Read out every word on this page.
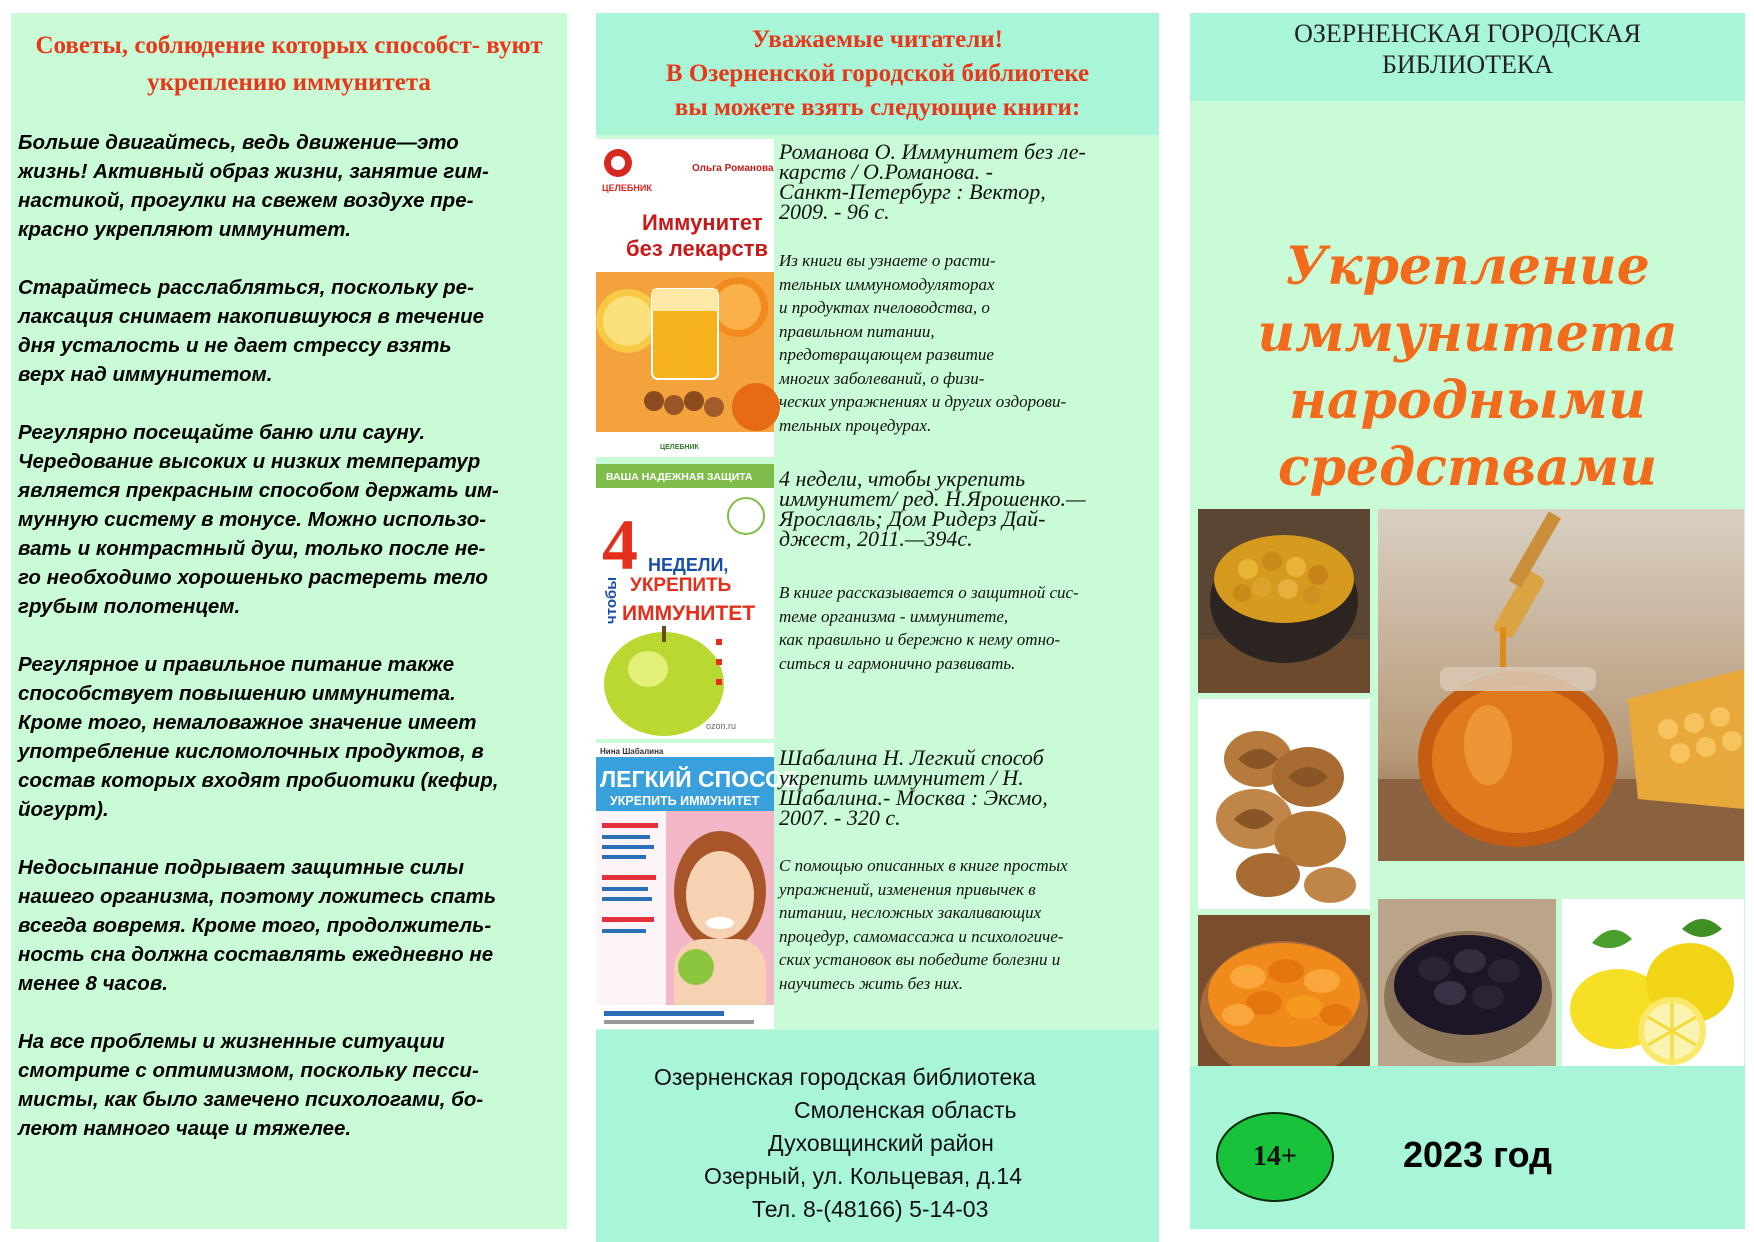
Советы, соблюдение которых способст- вуют укреплению иммунитета

Больше двигайтесь, ведь движение—это
жизнь! Активный образ жизни, занятие гим-
настикой, прогулки на свежем воздухе пре-
красно укрепляют иммунитет.

Старайтесь расслабляться, поскольку ре-
лаксация снимает накопившуюся в течение
дня усталость и не дает стрессу взять
верх над иммунитетом.

Регулярно посещайте баню или сауну.
Чередование высоких и низких температур
является прекрасным способом держать им-
мунную систему в тонусе. Можно использо-
вать и контрастный душ, только после не-
го необходимо хорошенько растереть тело
грубым полотенцем.

Регулярное и правильное питание также
способствует повышению иммунитета.
Кроме того, немаловажное значение имеет
употребление кисломолочных продуктов, в
состав которых входят пробиотики (кефир,
йогурт).

Недосыпание подрывает защитные силы
нашего организма, поэтому ложитесь спать
всегда вовремя. Кроме того, продолжитель-
ность сна должна составлять ежедневно не
менее 8 часов.

На все проблемы и жизненные ситуации
смотрите с оптимизмом, поскольку песси-
мисты, как было замечено психологами, бо-
леют намного чаще и тяжелее.

Уважаемые читатели!
В Озерненской городской библиотеке
вы можете взять следующие книги:
ЦЕЛЕБНИК
Ольга Романова
Иммунитет
без лекарств
ЦЕЛЕБНИК
Романова О. Иммунитет без ле-
карств / О.Романова. -
Санкт-Петербург : Вектор,
2009. - 96 с.
Из книги вы узнаете о расти-
тельных иммуномодуляторах
и продуктах пчеловодства, о
правильном питании,
предотвращающем развитие
многих заболеваний, о физи-
ческих упражнениях и других оздорови-
тельных процедурах.
ВАША НАДЕЖНАЯ ЗАЩИТА
4 НЕДЕЛИ,
УКРЕПИТЬ
ИММУНИТЕТ
чтобы
ozon.ru
4 недели, чтобы укрепить
иммунитет/ ред. Н.Ярошенко.—
Ярославль; Дом Ридерз Дай-
джест, 2011.—394с.
В книге рассказывается о защитной сис-
теме организма - иммунитете,
как правильно и бережно к нему отно-
ситься и гармонично развивать.
Нина Шабалина
ЛЕГКИЙ СПОСОБ
УКРЕПИТЬ ИММУНИТЕТ
Шабалина Н. Легкий способ
укрепить иммунитет / Н.
Шабалина.- Москва : Эксмо,
2007. - 320 с.
С помощью описанных в книге простых
упражнений, изменения привычек в
питании, несложных закаливающих
процедур, самомассажа и психологиче-
ских установок вы победите болезни и
научитесь жить без них.
Озерненская городская библиотека
Смоленская область
Духовщинский район
Озерный, ул. Кольцевая, д.14
Тел. 8-(48166) 5-14-03
ОЗЕРНЕНСКАЯ ГОРОДСКАЯ
БИБЛИОТЕКА
Укрепление
иммунитета
народными
средствами
14+	2023 год
